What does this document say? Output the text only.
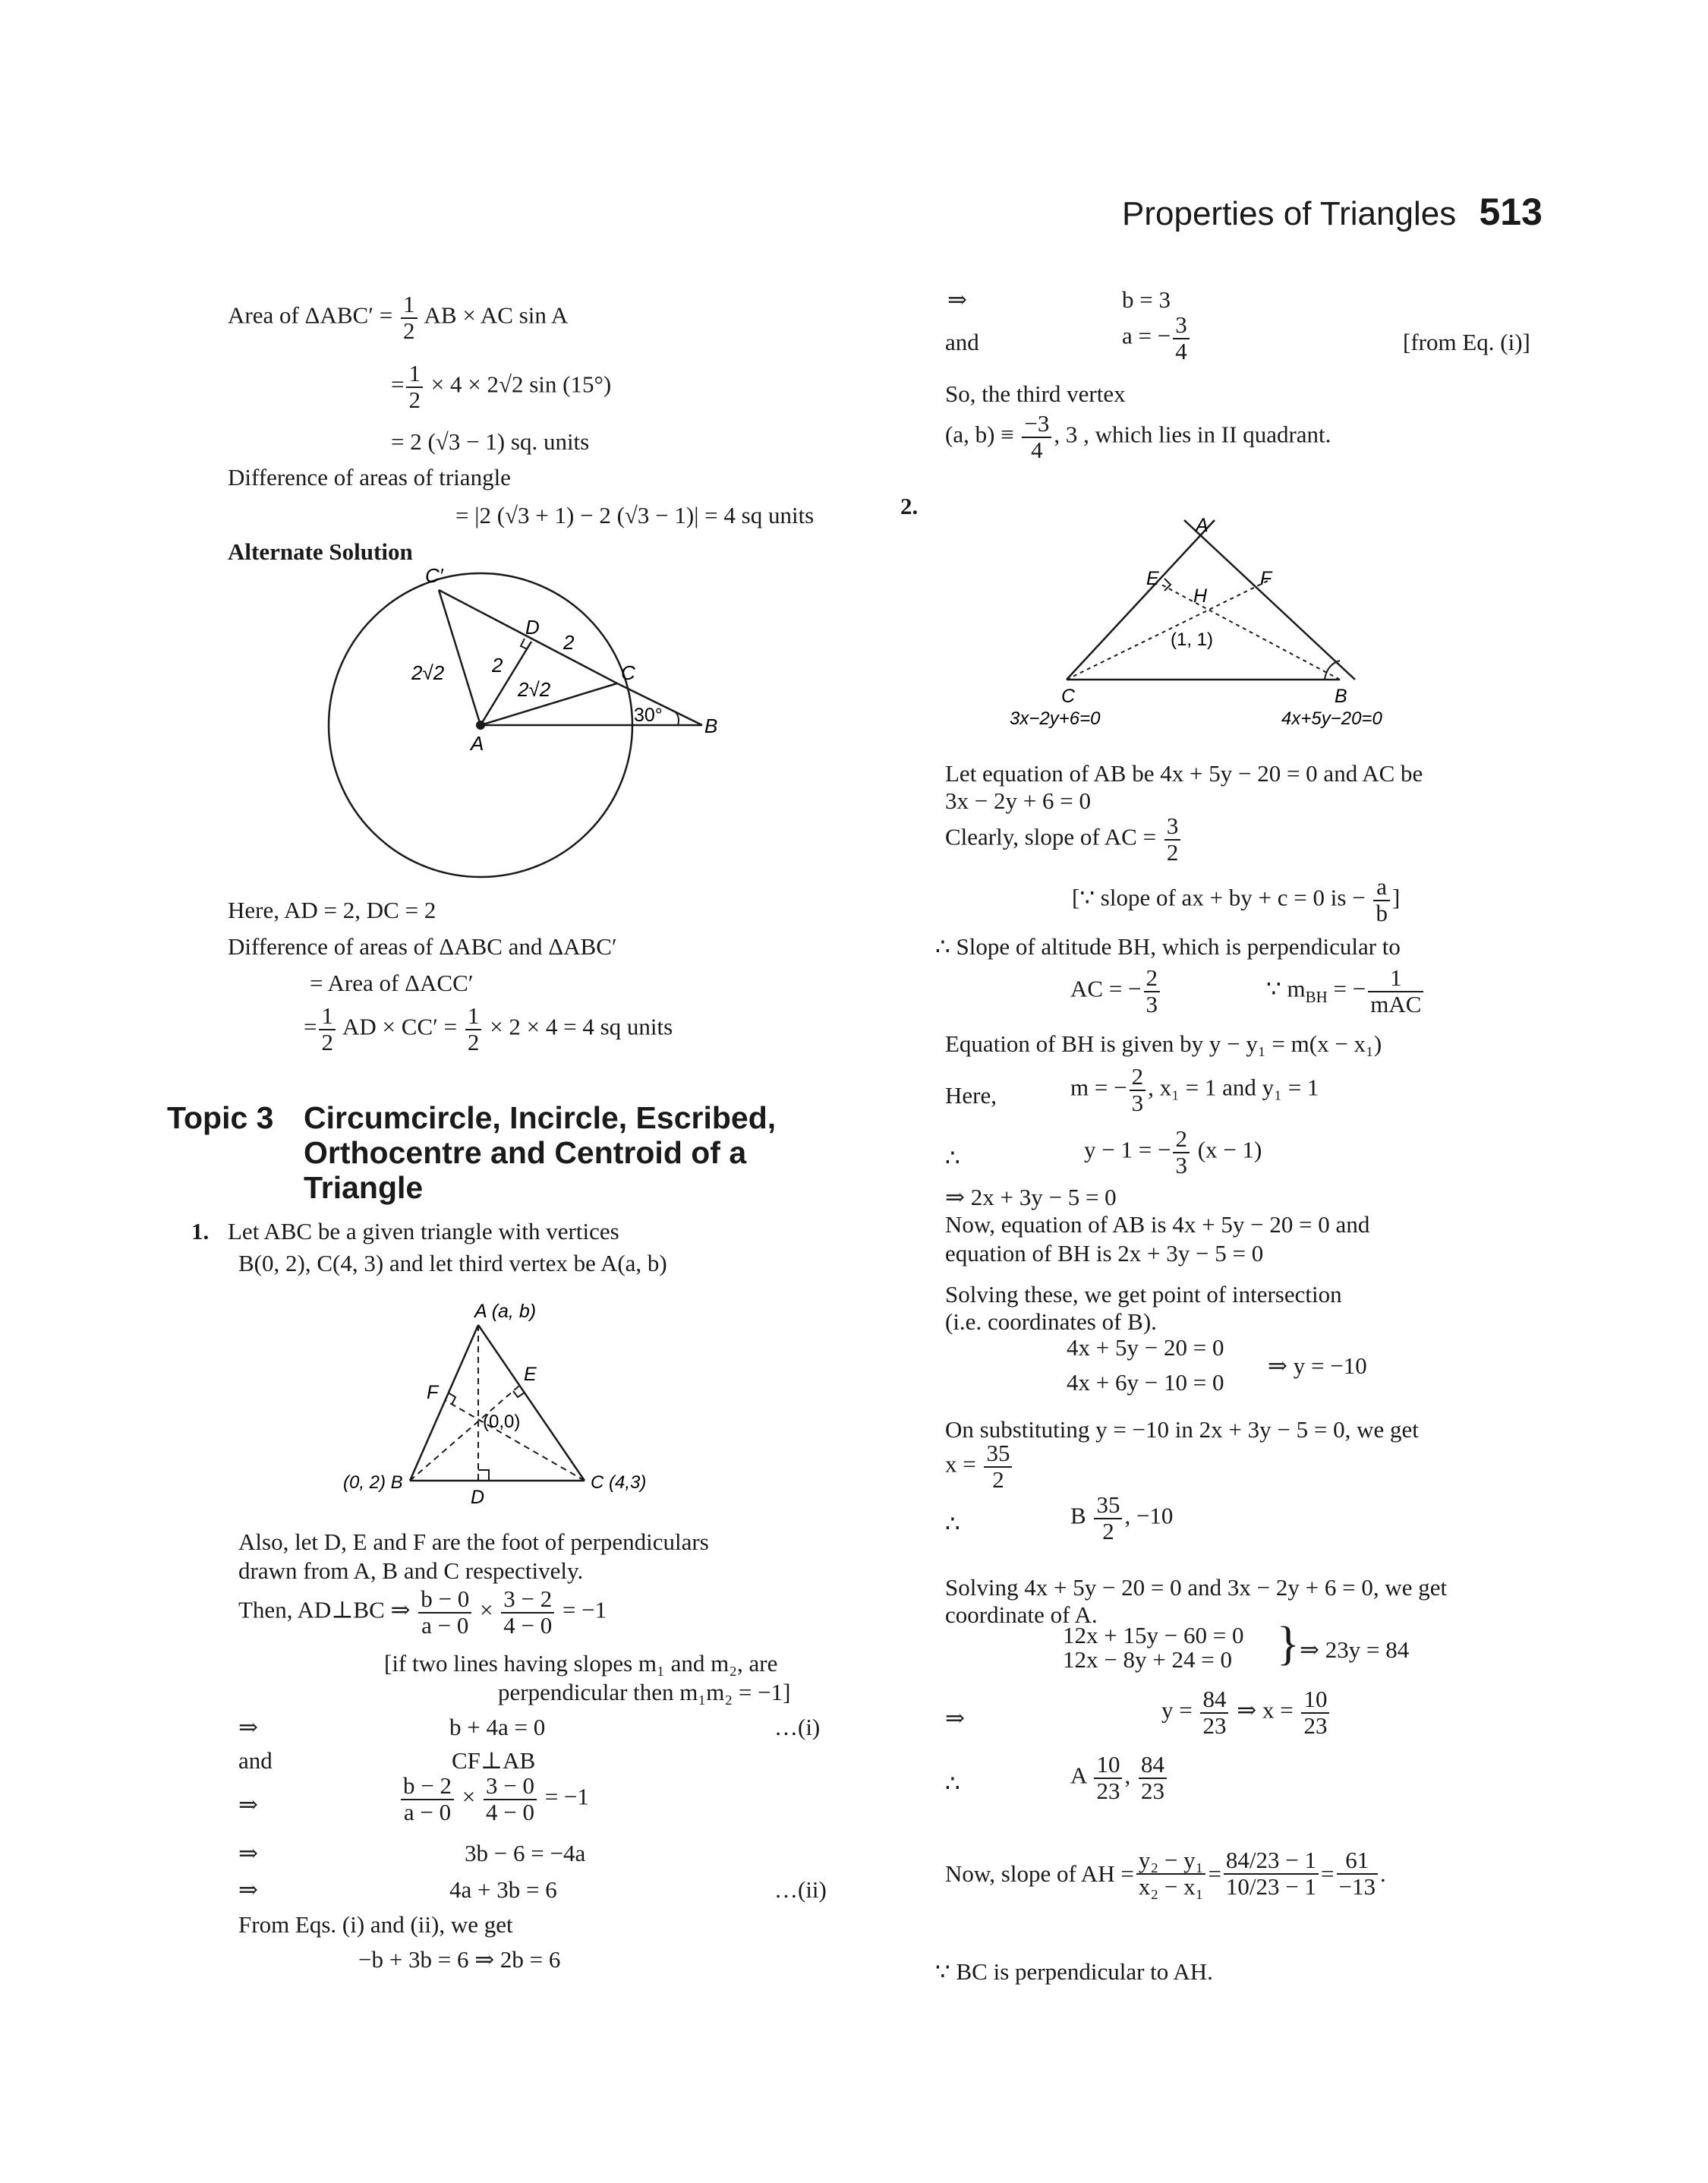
Properties of Triangles 513
Area of $\Delta ABC' = \frac{1}{2}$ AB × AC sin A
= $\frac{1}{2} \times 4 \times 2√2$ sin (15°)
= 2 (√3 − 1) sq. units
Difference of areas of triangle
= |2 (√3 + 1) − 2 (√3 − 1)| = 4 sq units
Alternate Solution
C′
D
C
A
B
2√2 2
2
2√2
30°
Here, AD = 2, DC = 2
Difference of areas of ΔABC and ΔABC′
= Area of ΔACC′
= $\frac{1}{2}$ AD × $CC' = \frac{1}{2} \times 2 \times 4 = 4$ sq units
Topic 3 Circumcircle, Incircle, Escribed,
Orthocentre and Centroid of a
Triangle
1. Let ABC be a given triangle with vertices
B(0, 2), C(4, 3) and let third vertex be A(a, b)
A (a, b)
E
F
(0,0)
(0, 2) B	C (4,3)
D
Also, let D, E and F are the foot of perpendiculars
drawn from A, B and C respectively.
Then, AD⊥BC ⇒ $\frac{b - 0}{a - 0} \times \frac{3 - 2}{4 - 0} = -1$
[if two lines having slopes m₁ and m₂, are
perpendicular then m₁m₂ = −1]
⇒	b + 4a = 0	…(i)
and	CF⊥AB
⇒	$\frac{b - 2}{a - 0} \times \frac{3 - 0}{4 - 0} = -1$
⇒	3b − 6 = −4a
⇒	4a + 3b = 6	…(ii)
From Eqs. (i) and (ii), we get
−b + 3b = 6 ⇒ 2b = 6
⇒	b = 3
and	a = − $\frac{3}{4}$	[from Eq. (i)]
So, the third vertex
(a, $b) \equiv \frac{-3}{4}$ , 3 , which lies in II quadrant.
2.
A
E	F
H
(1, 1)
C	B
3x−2y+6=0	4x+5y−20=0
Let equation of AB be 4x + 5y − 20 = 0 and AC be
3x − 2y + 6 = 0
Clearly, slope of AC = $\frac{3}{2}$
[∵ slope of ax + by + c = 0 is − $\frac{a}{b}$ ]
∴ Slope of altitude BH, which is perpendicular to
AC = − $\frac{2}{3}$	∵ $m_{BH}$ = − $\frac{1}{\text{mAC}}$
Equation of BH is given by y − y₁ = m(x − x₁)
Here,	m = − $\frac{2}{3}$ , x₁ = 1 and y₁ = 1
∴	y − 1 = − $\frac{2}{3} (x - 1)$
⇒ 2x + 3y − 5 = 0
Now, equation of AB is 4x + 5y − 20 = 0 and
equation of BH is 2x + 3y − 5 = 0
Solving these, we get point of intersection
(i.e. coordinates of B).
4x + 5y − 20 = 0
4x + 6y − 10 = 0
⇒ y = −10
On substituting y = −10 in 2x + 3y − 5 = 0, we get
$x = \frac{35}{2}$
∴	B $\frac{35}{2}$ , −10
Solving 4x + 5y − 20 = 0 and 3x − 2y + 6 = 0, we get
coordinate of A.
12x + 15y − 60 = 0
12x − 8y + 24 = 0 } ⇒ 23y = 84
⇒	$y = \frac{84}{23}$ ⇒ $x = \frac{10}{23}$
∴	A $\frac{10}{23}$ , $\frac{84}{23}$
Now, slope of AH = $\frac{\text{y₂ − y₁}}{\text{x₂ − x₁}} = \frac{84/23 - 1}{10/23 - 1} = \frac{61}{-13}$ .
∵ BC is perpendicular to AH.
